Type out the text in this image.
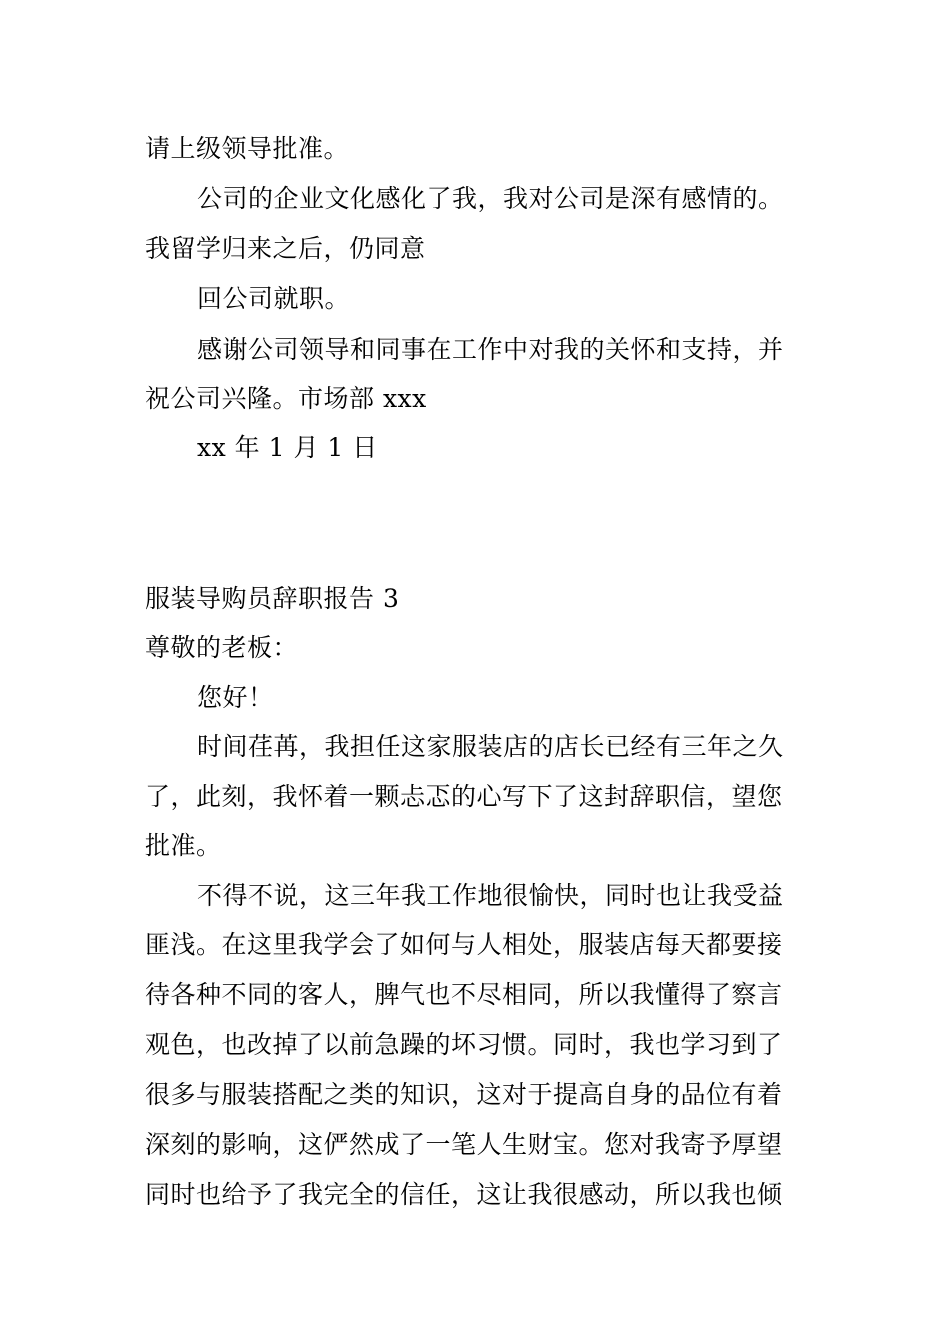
请上级领导批准。
公司的企业文化感化了我，我对公司是深有感情的。
我留学归来之后，仍同意
回公司就职。
感谢公司领导和同事在工作中对我的关怀和支持，并
祝公司兴隆。市场部 xxx
xx 年 1 月 1 日
服装导购员辞职报告 3
尊敬的老板：
您好！
时间荏苒，我担任这家服装店的店长已经有三年之久
了，此刻，我怀着一颗忐忑的心写下了这封辞职信，望您
批准。
不得不说，这三年我工作地很愉快，同时也让我受益
匪浅。在这里我学会了如何与人相处，服装店每天都要接
待各种不同的客人，脾气也不尽相同，所以我懂得了察言
观色，也改掉了以前急躁的坏习惯。同时，我也学习到了
很多与服装搭配之类的知识，这对于提高自身的品位有着
深刻的影响，这俨然成了一笔人生财宝。您对我寄予厚望
同时也给予了我完全的信任，这让我很感动，所以我也倾
